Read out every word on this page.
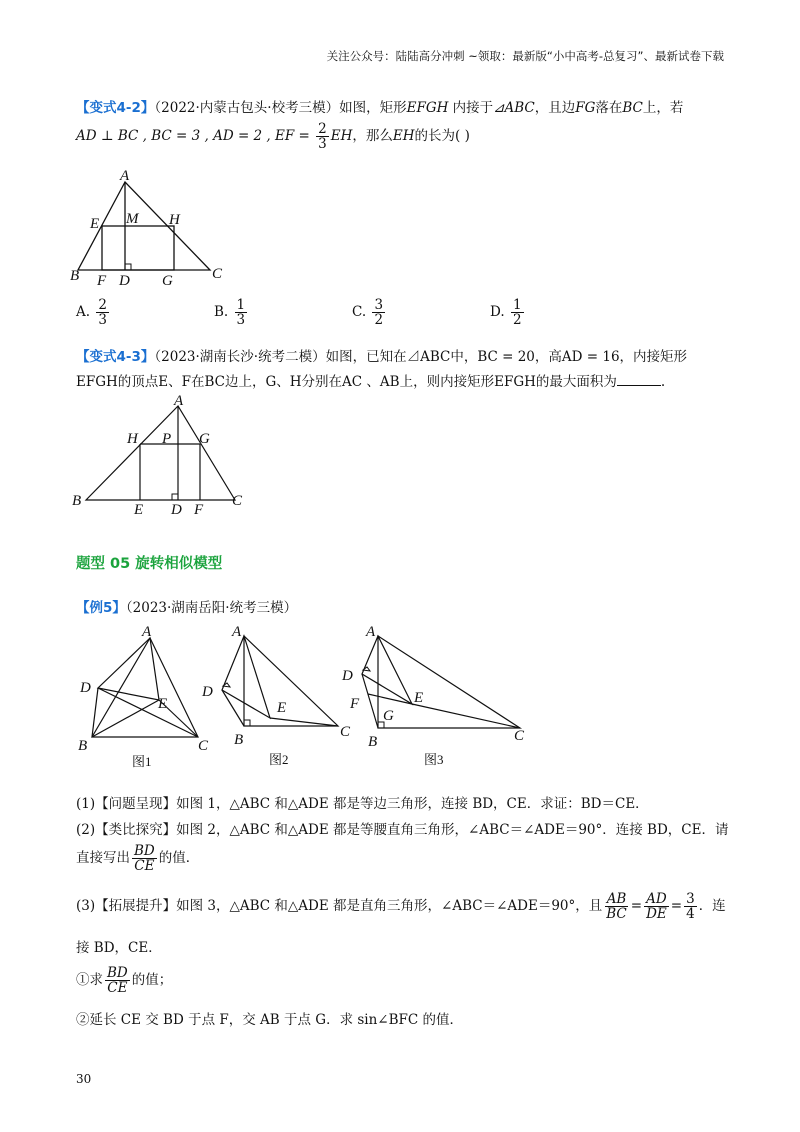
关注公众号：陆陆高分冲刺 ~领取：最新版“小中高考-总复习”、最新试卷下载
【变式4-2】（2022·内蒙古包头·校考三模）如图，矩形EFGH 内接于⊿ABC，且边FG落在BC上，若
AD ⊥ BC , BC = 3 , AD = 2 , EF = $\frac{2}{3}$ EH，那么EH的长为( )
A
E M H
B F D G	C
A. $\frac{2}{3}$	B. $\frac{1}{3}$	C. $\frac{3}{2}$	D. $\frac{1}{2}$
【变式4-3】（2023·湖南长沙·统考二模）如图，已知在⊿ABC中，BC = 20，高AD = 16，内接矩形
EFGH的顶点E、F在BC边上，G、H分别在AC 、AB上，则内接矩形EFGH的最大面积为	.
A
H P G
B
E D F
C
题型 05 旋转相似模型
【例5】（2023·湖南岳阳·统考三模）
A
D
E
B	C
图1
A
D
E
B	C
图2
A
D
F	E
G
B	C
图3
(1)【问题呈现】如图 1，△ABC 和△ADE 都是等边三角形，连接 BD，CE．求证：BD＝CE．
(2)【类比探究】如图 2，△ABC 和△ADE 都是等腰直角三角形，∠ABC＝∠ADE＝90°．连接 BD，CE．请
直接写出 $\frac{BD}{CE}$ 的值．
(3)【拓展提升】如图 3，△ABC 和△ADE 都是直角三角形，∠ABC＝∠ADE＝90°，且 $\frac{AB}{BC} = \frac{AD}{DE} = \frac{3}{4}$ ．连
接 BD，CE．
①求 $\frac{BD}{CE}$ 的值；
②延长 CE 交 BD 于点 F，交 AB 于点 G．求 sin∠BFC 的值．
30
